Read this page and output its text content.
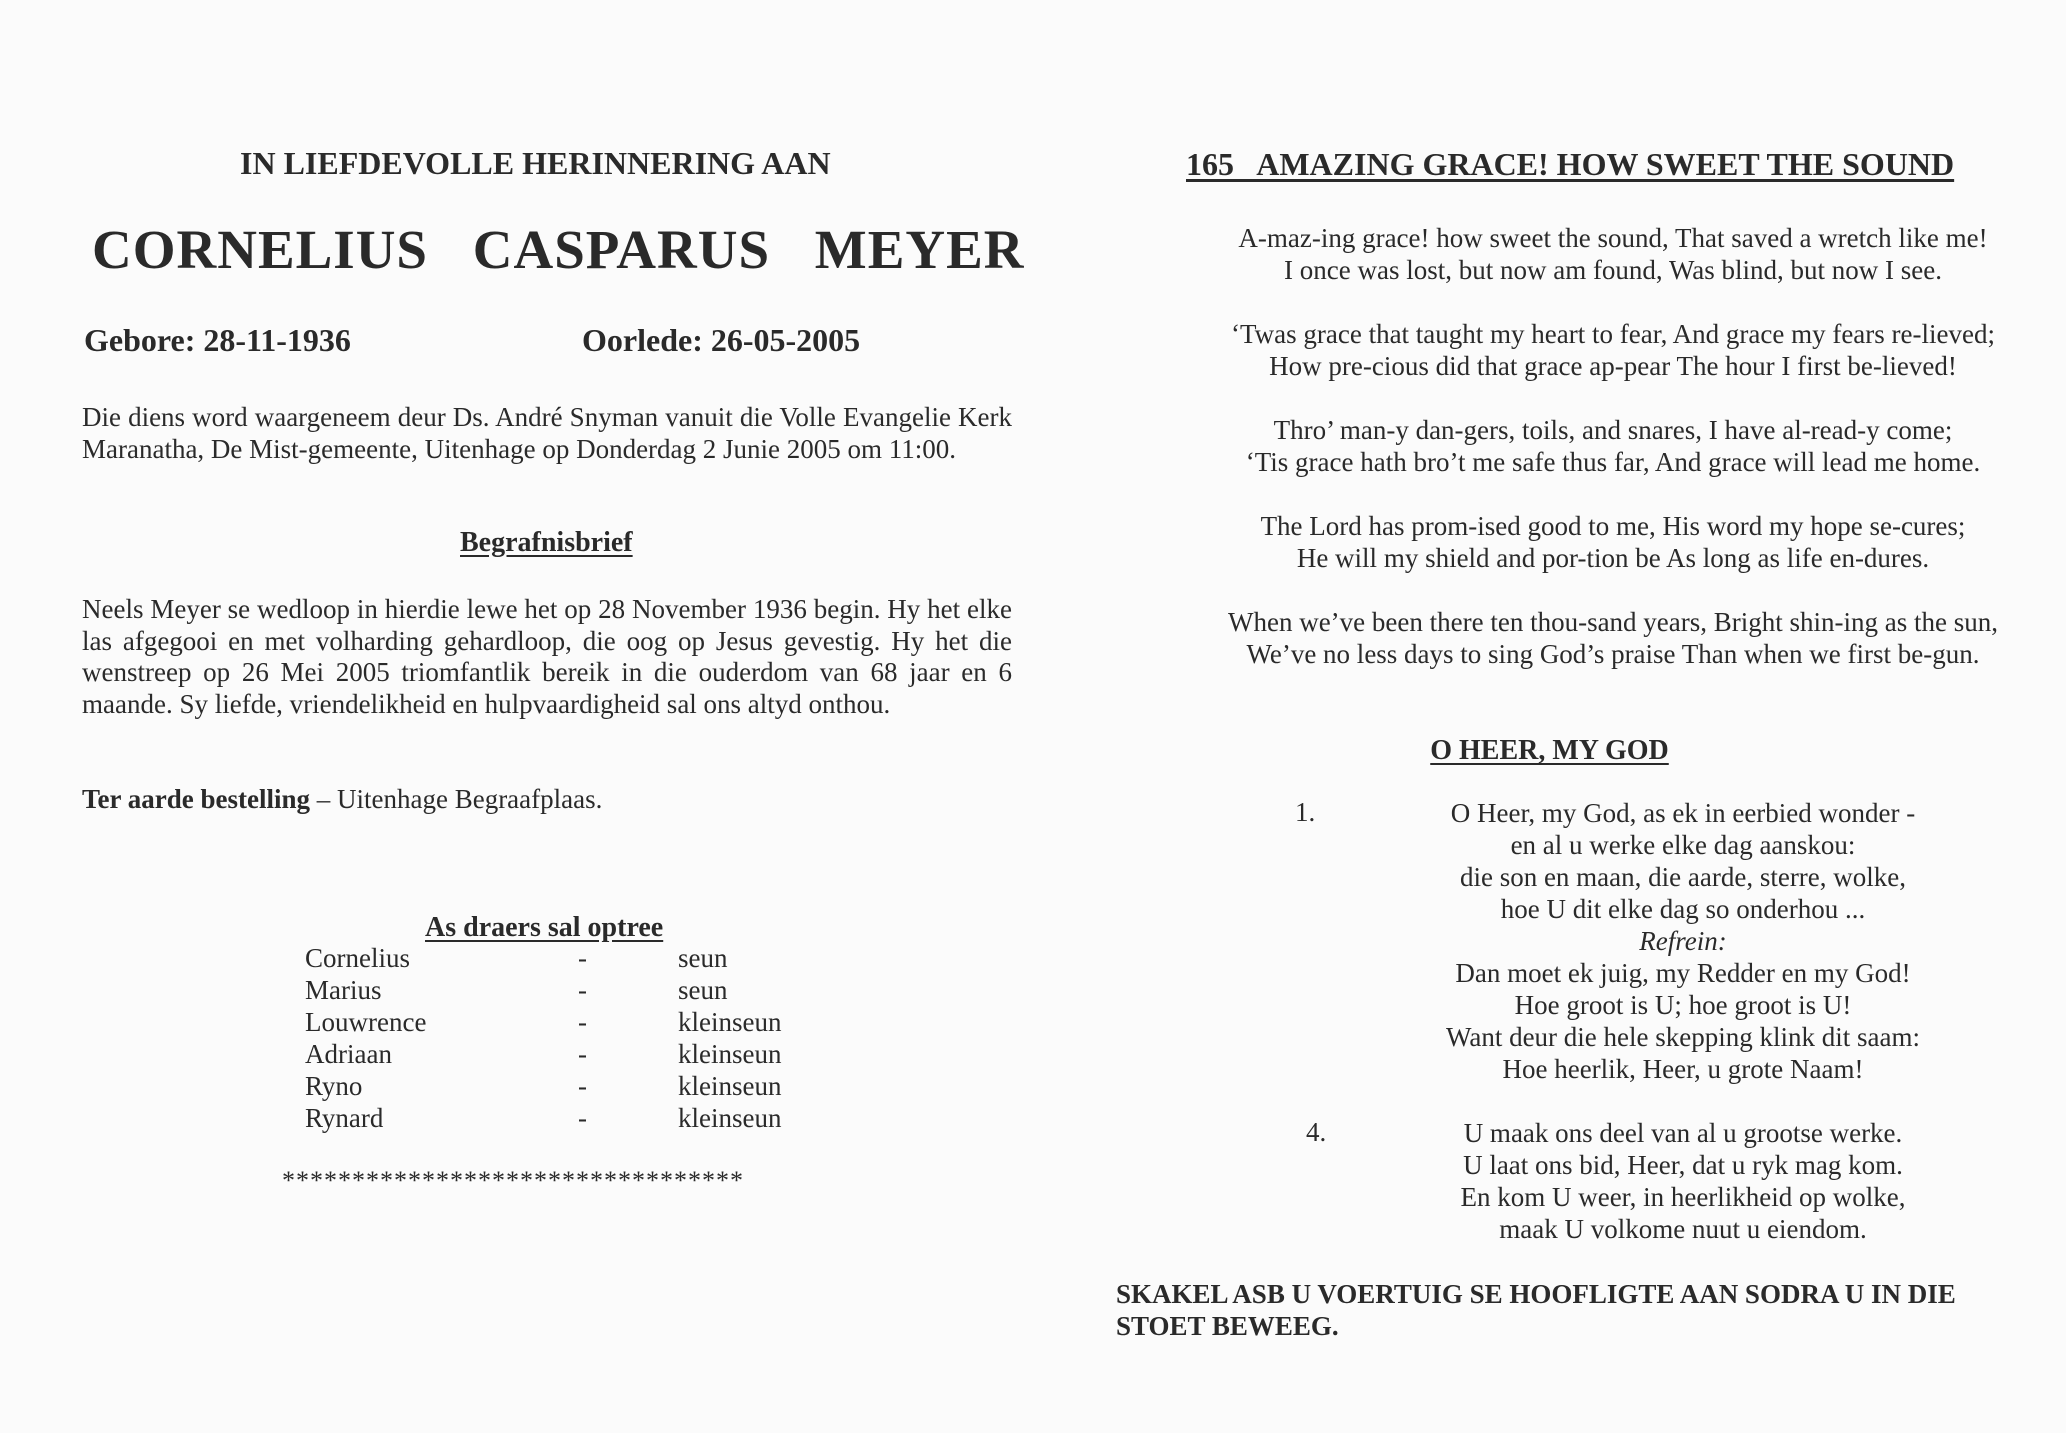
IN LIEFDEVOLLE HERINNERING AAN
CORNELIUS CASPARUS MEYER
Gebore: 28-11-1936	Oorlede: 26-05-2005
Die diens word waargeneem deur Ds. André Snyman vanuit die Volle Evangelie Kerk Maranatha, De Mist-gemeente, Uitenhage op Donderdag 2 Junie 2005 om 11:00.
Begrafnisbrief
Neels Meyer se wedloop in hierdie lewe het op 28 November 1936 begin. Hy het elke las afgegooi en met volharding gehardloop, die oog op Jesus gevestig. Hy het die wenstreep op 26 Mei 2005 triomfantlik bereik in die ouderdom van 68 jaar en 6 maande. Sy liefde, vriendelikheid en hulpvaardigheid sal ons altyd onthou.
Ter aarde bestelling – Uitenhage Begraafplaas.
As draers sal optree
Cornelius	-	seun
Marius	-	seun
Louwrence	-	kleinseun
Adriaan	-	kleinseun
Ryno	-	kleinseun
Rynard	-	kleinseun
*********************************
165   AMAZING GRACE! HOW SWEET THE SOUND
A-maz-ing grace! how sweet the sound, That saved a wretch like me!
I once was lost, but now am found, Was blind, but now I see.
‘Twas grace that taught my heart to fear, And grace my fears re-lieved;
How pre-cious did that grace ap-pear The hour I first be-lieved!
Thro’ man-y dan-gers, toils, and snares, I have al-read-y come;
‘Tis grace hath bro’t me safe thus far, And grace will lead me home.
The Lord has prom-ised good to me, His word my hope se-cures;
He will my shield and por-tion be As long as life en-dures.
When we’ve been there ten thou-sand years, Bright shin-ing as the sun,
We’ve no less days to sing God’s praise Than when we first be-gun.
O HEER, MY GOD
1.	O Heer, my God, as ek in eerbied wonder -
en al u werke elke dag aanskou:
die son en maan, die aarde, sterre, wolke,
hoe U dit elke dag so onderhou ...
Refrein:
Dan moet ek juig, my Redder en my God!
Hoe groot is U; hoe groot is U!
Want deur die hele skepping klink dit saam:
Hoe heerlik, Heer, u grote Naam!
4.	U maak ons deel van al u grootse werke.
U laat ons bid, Heer, dat u ryk mag kom.
En kom U weer, in heerlikheid op wolke,
maak U volkome nuut u eiendom.
SKAKEL ASB U VOERTUIG SE HOOFLIGTE AAN SODRA U IN DIE STOET BEWEEG.
